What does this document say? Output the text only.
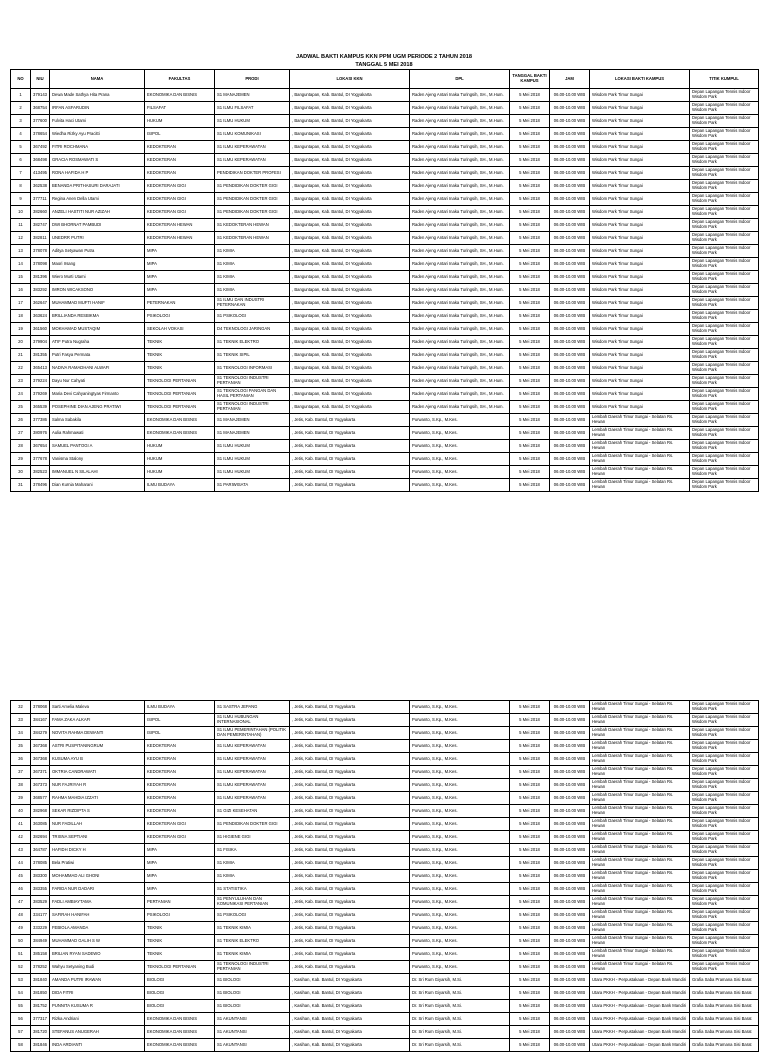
JADWAL BAKTI KAMPUS KKN PPM UGM PERIODE 2 TAHUN 2018
TANGGAL 5 MEI 2018
NO	NIU	NAMA	FAKULTAS	PRODI	LOKASI KKN	DPL	TANGGAL BAKTI KAMPUS	JAM	LOKASI BAKTI KAMPUS	TITIK KUMPUL
1	379143	Dewa Made Sathya Hita Prana	EKONOMIKA DAN BISNIS	S1 MANAJEMEN	, Banguntapan, Kab. Bantul, DI Yogyakarta	Raden Ajeng Antari Inaka Turingsih, SH., M.Hum.	5 Mei 2018	06.00-10.00 WIB	Wisdom Park Timur Sungai	Depan Lapangan Tennis Indoor Wisdom Park
2	368754	IRFAN ASFARUDIN	FILSAFAT	S1 ILMU FILSAFAT	, Banguntapan, Kab. Bantul, DI Yogyakarta	Raden Ajeng Antari Inaka Turingsih, SH., M.Hum.	5 Mei 2018	06.00-10.00 WIB	Wisdom Park Timur Sungai	Depan Lapangan Tennis Indoor Wisdom Park
3	377600	Fulvita Haci Utami	HUKUM	S1 ILMU HUKUM	, Banguntapan, Kab. Bantul, DI Yogyakarta	Raden Ajeng Antari Inaka Turingsih, SH., M.Hum.	5 Mei 2018	06.00-10.00 WIB	Wisdom Park Timur Sungai	Depan Lapangan Tennis Indoor Wisdom Park
4	378654	Wiedha Rizky Ayu Pracitti	ISIPOL	S1 ILMU KOMUNIKASI	, Banguntapan, Kab. Bantul, DI Yogyakarta	Raden Ajeng Antari Inaka Turingsih, SH., M.Hum.	5 Mei 2018	06.00-10.00 WIB	Wisdom Park Timur Sungai	Depan Lapangan Tennis Indoor Wisdom Park
5	367492	FITRI ROCHMANA	KEDOKTERAN	S1 ILMU KEPERAWATAN	, Banguntapan, Kab. Bantul, DI Yogyakarta	Raden Ajeng Antari Inaka Turingsih, SH., M.Hum.	5 Mei 2018	06.00-10.00 WIB	Wisdom Park Timur Sungai	Depan Lapangan Tennis Indoor Wisdom Park
6	368498	GRACIA ROSMAWATI S	KEDOKTERAN	S1 ILMU KEPERAWATAN	, Banguntapan, Kab. Bantul, DI Yogyakarta	Raden Ajeng Antari Inaka Turingsih, SH., M.Hum.	5 Mei 2018	06.00-10.00 WIB	Wisdom Park Timur Sungai	Depan Lapangan Tennis Indoor Wisdom Park
7	413495	RONA HAFIDA H P	KEDOKTERAN	PENDIDIKAN DOKTER PROFESI	, Banguntapan, Kab. Bantul, DI Yogyakarta	Raden Ajeng Antari Inaka Turingsih, SH., M.Hum.	5 Mei 2018	06.00-10.00 WIB	Wisdom Park Timur Sungai	Depan Lapangan Tennis Indoor Wisdom Park
8	362538	BENANDA PRITHASURI DARAJATI	KEDOKTERAN GIGI	S1 PENDIDIKAN DOKTER GIGI	, Banguntapan, Kab. Bantul, DI Yogyakarta	Raden Ajeng Antari Inaka Turingsih, SH., M.Hum.	5 Mei 2018	06.00-10.00 WIB	Wisdom Park Timur Sungai	Depan Lapangan Tennis Indoor Wisdom Park
9	377711	Regina Anen Della Utami	KEDOKTERAN GIGI	S1 PENDIDIKAN DOKTER GIGI	, Banguntapan, Kab. Bantul, DI Yogyakarta	Raden Ajeng Antari Inaka Turingsih, SH., M.Hum.	5 Mei 2018	06.00-10.00 WIB	Wisdom Park Timur Sungai	Depan Lapangan Tennis Indoor Wisdom Park
10	382660	ANZELI HASTITI NUR AZIZAH	KEDOKTERAN GIGI	S1 PENDIDIKAN DOKTER GIGI	, Banguntapan, Kab. Bantul, DI Yogyakarta	Raden Ajeng Antari Inaka Turingsih, SH., M.Hum.	5 Mei 2018	06.00-10.00 WIB	Wisdom Park Timur Sungai	Depan Lapangan Tennis Indoor Wisdom Park
11	382747	DWI BHORNAT PAMBUDI	KEDOKTERAN HEWAN	S1 KEDOKTERAN HEWAN	, Banguntapan, Kab. Bantul, DI Yogyakarta	Raden Ajeng Antari Inaka Turingsih, SH., M.Hum.	5 Mei 2018	06.00-10.00 WIB	Wisdom Park Timur Sungai	Depan Lapangan Tennis Indoor Wisdom Park
12	382811	UNEDRR PUTRI	KEDOKTERAN HEWAN	S1 KEDOKTERAN HEWAN	, Banguntapan, Kab. Bantul, DI Yogyakarta	Raden Ajeng Antari Inaka Turingsih, SH., M.Hum.	5 Mei 2018	06.00-10.00 WIB	Wisdom Park Timur Sungai	Depan Lapangan Tennis Indoor Wisdom Park
13	378078	Aditya Setyawan Putra	MIPA	S1 KIMIA	, Banguntapan, Kab. Bantul, DI Yogyakarta	Raden Ajeng Antari Inaka Turingsih, SH., M.Hum.	5 Mei 2018	06.00-10.00 WIB	Wisdom Park Timur Sungai	Depan Lapangan Tennis Indoor Wisdom Park
14	378098	Maori Irsang	MIPA	S1 KIMIA	, Banguntapan, Kab. Bantul, DI Yogyakarta	Raden Ajeng Antari Inaka Turingsih, SH., M.Hum.	5 Mei 2018	06.00-10.00 WIB	Wisdom Park Timur Sungai	Depan Lapangan Tennis Indoor Wisdom Park
15	381396	Wiero Murti Utami	MIPA	S1 KIMIA	, Banguntapan, Kab. Bantul, DI Yogyakarta	Raden Ajeng Antari Inaka Turingsih, SH., M.Hum.	5 Mei 2018	06.00-10.00 WIB	Wisdom Park Timur Sungai	Depan Lapangan Tennis Indoor Wisdom Park
16	383292	IMRON WICAKSONO	MIPA	S1 KIMIA	, Banguntapan, Kab. Bantul, DI Yogyakarta	Raden Ajeng Antari Inaka Turingsih, SH., M.Hum.	5 Mei 2018	06.00-10.00 WIB	Wisdom Park Timur Sungai	Depan Lapangan Tennis Indoor Wisdom Park
17	362647	MUHAMMAD MUFTI HANIF	PETERNAKAN	S1 ILMU DAN INDUSTRI PETERNAKAN	, Banguntapan, Kab. Bantul, DI Yogyakarta	Raden Ajeng Antari Inaka Turingsih, SH., M.Hum.	5 Mei 2018	06.00-10.00 WIB	Wisdom Park Timur Sungai	Depan Lapangan Tennis Indoor Wisdom Park
18	363624	BRILLIANDA RESBIKMA	PSIKOLOGI	S1 PSIKOLOGI	, Banguntapan, Kab. Bantul, DI Yogyakarta	Raden Ajeng Antari Inaka Turingsih, SH., M.Hum.	5 Mei 2018	06.00-10.00 WIB	Wisdom Park Timur Sungai	Depan Lapangan Tennis Indoor Wisdom Park
19	361560	MOKHAMAD MUSTAQIM	SEKOLAH VOKASI	D4 TEKNOLOGI JARINGAN	, Banguntapan, Kab. Bantul, DI Yogyakarta	Raden Ajeng Antari Inaka Turingsih, SH., M.Hum.	5 Mei 2018	06.00-10.00 WIB	Wisdom Park Timur Sungai	Depan Lapangan Tennis Indoor Wisdom Park
20	379904	ATIF Putra Nugraha	TEKNIK	S1 TEKNIK ELEKTRO	, Banguntapan, Kab. Bantul, DI Yogyakarta	Raden Ajeng Antari Inaka Turingsih, SH., M.Hum.	5 Mei 2018	06.00-10.00 WIB	Wisdom Park Timur Sungai	Depan Lapangan Tennis Indoor Wisdom Park
21	381355	Putri Fasya Permata	TEKNIK	S1 TEKNIK SIPIL	, Banguntapan, Kab. Bantul, DI Yogyakarta	Raden Ajeng Antari Inaka Turingsih, SH., M.Hum.	5 Mei 2018	06.00-10.00 WIB	Wisdom Park Timur Sungai	Depan Lapangan Tennis Indoor Wisdom Park
22	365413	NADIVA RAMADHANI ALWAFI	TEKNIK	S1 TEKNOLOGI INFORMASI	, Banguntapan, Kab. Bantul, DI Yogyakarta	Raden Ajeng Antari Inaka Turingsih, SH., M.Hum.	5 Mei 2018	06.00-10.00 WIB	Wisdom Park Timur Sungai	Depan Lapangan Tennis Indoor Wisdom Park
23	379224	Dayu Nur Cahyati	TEKNOLOGI PERTANIAN	S1 TEKNOLOGI INDUSTRI PERTANIAN	, Banguntapan, Kab. Bantul, DI Yogyakarta	Raden Ajeng Antari Inaka Turingsih, SH., M.Hum.	5 Mei 2018	06.00-10.00 WIB	Wisdom Park Timur Sungai	Depan Lapangan Tennis Indoor Wisdom Park
24	379269	Maria Devi Cahyaningtyas Firmanto	TEKNOLOGI PERTANIAN	S1 TEKNOLOGI PANGAN DAN HASIL PERTANIAN	, Banguntapan, Kab. Bantul, DI Yogyakarta	Raden Ajeng Antari Inaka Turingsih, SH., M.Hum.	5 Mei 2018	06.00-10.00 WIB	Wisdom Park Timur Sungai	Depan Lapangan Tennis Indoor Wisdom Park
25	365539	POSEPHINE DIAN AJENG PRATIWI	TEKNOLOGI PERTANIAN	S1 TEKNOLOGI INDUSTRI PERTANIAN	, Banguntapan, Kab. Bantul, DI Yogyakarta	Raden Ajeng Antari Inaka Turingsih, SH., M.Hum.	5 Mei 2018	06.00-10.00 WIB	Wisdom Park Timur Sungai	Depan Lapangan Tennis Indoor Wisdom Park
26	377386	Salma Sabakila	EKONOMIKA DAN BISNIS	S1 MANAJEMEN	, Jetis, Kab. Bantul, DI Yogyakarta	Purwanto, S.Kp., M.Kes.	5 Mei 2018	06.00-10.00 WIB	Lembah Daerah Timur Sungai - Selatan Rs. Hewan	Depan Lapangan Tennis Indoor Wisdom Park
27	380976	Aulia Rahmawati	EKONOMIKA DAN BISNIS	S1 MANAJEMEN	, Jetis, Kab. Bantul, DI Yogyakarta	Purwanto, S.Kp., M.Kes.	5 Mei 2018	06.00-10.00 WIB	Lembah Daerah Timur Sungai - Selatan Rs. Hewan	Depan Lapangan Tennis Indoor Wisdom Park
28	367654	SAMUEL PANTOGI A	HUKUM	S1 ILMU HUKUM	, Jetis, Kab. Bantul, DI Yogyakarta	Purwanto, S.Kp., M.Kes.	5 Mei 2018	06.00-10.00 WIB	Lembah Daerah Timur Sungai - Selatan Rs. Hewan	Depan Lapangan Tennis Indoor Wisdom Park
29	377678	Vanisma Stalony	HUKUM	S1 ILMU HUKUM	, Jetis, Kab. Bantul, DI Yogyakarta	Purwanto, S.Kp., M.Kes.	5 Mei 2018	06.00-10.00 WIB	Lembah Daerah Timur Sungai - Selatan Rs. Hewan	Depan Lapangan Tennis Indoor Wisdom Park
30	382523	IMMANUEL N SILALAHI	HUKUM	S1 ILMU HUKUM	, Jetis, Kab. Bantul, DI Yogyakarta	Purwanto, S.Kp., M.Kes.	5 Mei 2018	06.00-10.00 WIB	Lembah Daerah Timur Sungai - Selatan Rs. Hewan	Depan Lapangan Tennis Indoor Wisdom Park
31	378496	Dian Kurnia Maharani	ILMU BUDAYA	S1 PARIWISATA	, Jetis, Kab. Bantul, DI Yogyakarta	Purwanto, S.Kp., M.Kes.	5 Mei 2018	06.00-10.00 WIB	Lembah Daerah Timur Sungai - Selatan Rs. Hewan	Depan Lapangan Tennis Indoor Wisdom Park
32	378068	Sarti Amelia Maleva	ILMU BUDAYA	S1 SASTRA JEPANG	, Jetis, Kab. Bantul, DI Yogyakarta	Purwanto, S.Kp., M.Kes.	5 Mei 2018	06.00-10.00 WIB	Lembah Daerah Timur Sungai - Selatan Rs. Hewan	Depan Lapangan Tennis Indoor Wisdom Park
33	384167	FAMA ZAKA ALKAFI	ISIPOL	S1 ILMU HUBUNGAN INTERNASIONAL	, Jetis, Kab. Bantul, DI Yogyakarta	Purwanto, S.Kp., M.Kes.	5 Mei 2018	06.00-10.00 WIB	Lembah Daerah Timur Sungai - Selatan Rs. Hewan	Depan Lapangan Tennis Indoor Wisdom Park
34	384279	NOVITA RAHMA DEWANTI	ISIPOL	S1 ILMU PEMERINTAHAN (POLITIK DAN PEMERINTAHAN)	, Jetis, Kab. Bantul, DI Yogyakarta	Purwanto, S.Kp., M.Kes.	5 Mei 2018	06.00-10.00 WIB	Lembah Daerah Timur Sungai - Selatan Rs. Hewan	Depan Lapangan Tennis Indoor Wisdom Park
35	367368	ASTRI PUSPITANINGRUM	KEDOKTERAN	S1 ILMU KEPERAWATAN	, Jetis, Kab. Bantul, DI Yogyakarta	Purwanto, S.Kp., M.Kes.	5 Mei 2018	06.00-10.00 WIB	Lembah Daerah Timur Sungai - Selatan Rs. Hewan	Depan Lapangan Tennis Indoor Wisdom Park
36	367368	KUSUMA AYU B	KEDOKTERAN	S1 ILMU KEPERAWATAN	, Jetis, Kab. Bantul, DI Yogyakarta	Purwanto, S.Kp., M.Kes.	5 Mei 2018	06.00-10.00 WIB	Lembah Daerah Timur Sungai - Selatan Rs. Hewan	Depan Lapangan Tennis Indoor Wisdom Park
37	367371	OKTRIA CANDRAWATI	KEDOKTERAN	S1 ILMU KEPERAWATAN	, Jetis, Kab. Bantul, DI Yogyakarta	Purwanto, S.Kp., M.Kes.	5 Mei 2018	06.00-10.00 WIB	Lembah Daerah Timur Sungai - Selatan Rs. Hewan	Depan Lapangan Tennis Indoor Wisdom Park
38	367373	NUR FAJRIYAH R	KEDOKTERAN	S1 ILMU KEPERAWATAN	, Jetis, Kab. Bantul, DI Yogyakarta	Purwanto, S.Kp., M.Kes.	5 Mei 2018	06.00-10.00 WIB	Lembah Daerah Timur Sungai - Selatan Rs. Hewan	Depan Lapangan Tennis Indoor Wisdom Park
39	368577	RAHMA MAHDIA IZZATI	KEDOKTERAN	S1 ILMU KEPERAWATAN	, Jetis, Kab. Bantul, DI Yogyakarta	Purwanto, S.Kp., M.Kes.	5 Mei 2018	06.00-10.00 WIB	Lembah Daerah Timur Sungai - Selatan Rs. Hewan	Depan Lapangan Tennis Indoor Wisdom Park
40	382968	SEKAR RIZDIPTA S	KEDOKTERAN	S1 GIZI KESEHATAN	, Jetis, Kab. Bantul, DI Yogyakarta	Purwanto, S.Kp., M.Kes.	5 Mei 2018	06.00-10.00 WIB	Lembah Daerah Timur Sungai - Selatan Rs. Hewan	Depan Lapangan Tennis Indoor Wisdom Park
41	363085	NUR FADILLAH	KEDOKTERAN GIGI	S1 PENDIDIKAN DOKTER GIGI	, Jetis, Kab. Bantul, DI Yogyakarta	Purwanto, S.Kp., M.Kes.	5 Mei 2018	06.00-10.00 WIB	Lembah Daerah Timur Sungai - Selatan Rs. Hewan	Depan Lapangan Tennis Indoor Wisdom Park
42	382694	TRISNA SEPTIANI	KEDOKTERAN GIGI	S1 HIGIENE GIGI	, Jetis, Kab. Bantul, DI Yogyakarta	Purwanto, S.Kp., M.Kes.	5 Mei 2018	06.00-10.00 WIB	Lembah Daerah Timur Sungai - Selatan Rs. Hewan	Depan Lapangan Tennis Indoor Wisdom Park
43	364787	HAFIDH DICKY H	MIPA	S1 FISIKA	, Jetis, Kab. Bantul, DI Yogyakarta	Purwanto, S.Kp., M.Kes.	5 Mei 2018	06.00-10.00 WIB	Lembah Daerah Timur Sungai - Selatan Rs. Hewan	Depan Lapangan Tennis Indoor Wisdom Park
44	378085	Bela Pratiwi	MIPA	S1 KIMIA	, Jetis, Kab. Bantul, DI Yogyakarta	Purwanto, S.Kp., M.Kes.	5 Mei 2018	06.00-10.00 WIB	Lembah Daerah Timur Sungai - Selatan Rs. Hewan	Depan Lapangan Tennis Indoor Wisdom Park
45	383300	MOHAMMAD ALI GHONI	MIPA	S1 KIMIA	, Jetis, Kab. Bantul, DI Yogyakarta	Purwanto, S.Kp., M.Kes.	5 Mei 2018	06.00-10.00 WIB	Lembah Daerah Timur Sungai - Selatan Rs. Hewan	Depan Lapangan Tennis Indoor Wisdom Park
46	383355	FARIDA NUR DADARI	MIPA	S1 STATISTIKA	, Jetis, Kab. Bantul, DI Yogyakarta	Purwanto, S.Kp., M.Kes.	5 Mei 2018	06.00-10.00 WIB	Lembah Daerah Timur Sungai - Selatan Rs. Hewan	Depan Lapangan Tennis Indoor Wisdom Park
47	383529	FADLI AMBIAYTAMA	PERTANIAN	S1 PENYULUHAN DAN KOMUNIKASI PERTANIAN	, Jetis, Kab. Bantul, DI Yogyakarta	Purwanto, S.Kp., M.Kes.	5 Mei 2018	06.00-10.00 WIB	Lembah Daerah Timur Sungai - Selatan Rs. Hewan	Depan Lapangan Tennis Indoor Wisdom Park
48	334177	SAFIRAH HANIFAH	PSIKOLOGI	S1 PSIKOLOGI	, Jetis, Kab. Bantul, DI Yogyakarta	Purwanto, S.Kp., M.Kes.	5 Mei 2018	06.00-10.00 WIB	Lembah Daerah Timur Sungai - Selatan Rs. Hewan	Depan Lapangan Tennis Indoor Wisdom Park
49	333229	FEBIOLA AMANDA	TEKNIK	S1 TEKNIK KIMIA	, Jetis, Kab. Bantul, DI Yogyakarta	Purwanto, S.Kp., M.Kes.	5 Mei 2018	06.00-10.00 WIB	Lembah Daerah Timur Sungai - Selatan Rs. Hewan	Depan Lapangan Tennis Indoor Wisdom Park
50	384949	MUHAMMAD GALIH S W	TEKNIK	S1 TEKNIK ELEKTRO	, Jetis, Kab. Bantul, DI Yogyakarta	Purwanto, S.Kp., M.Kes.	5 Mei 2018	06.00-10.00 WIB	Lembah Daerah Timur Sungai - Selatan Rs. Hewan	Depan Lapangan Tennis Indoor Wisdom Park
51	385158	BRILIAN RYAN SADEWO	TEKNIK	S1 TEKNIK KIMIA	, Jetis, Kab. Bantul, DI Yogyakarta	Purwanto, S.Kp., M.Kes.	5 Mei 2018	06.00-10.00 WIB	Lembah Daerah Timur Sungai - Selatan Rs. Hewan	Depan Lapangan Tennis Indoor Wisdom Park
52	378252	Wahyu Setyaning Budi	TEKNOLOGI PERTANIAN	S1 TEKNOLOGI INDUSTRI PERTANIAN	, Jetis, Kab. Bantul, DI Yogyakarta	Purwanto, S.Kp., M.Kes.	5 Mei 2018	06.00-10.00 WIB	Lembah Daerah Timur Sungai - Selatan Rs. Hewan	Depan Lapangan Tennis Indoor Wisdom Park
53	381840	AMANDA PUTRI IRAWAN	BIOLOGI	S1 BIOLOGI	, Kasihan, Kab. Bantul, DI Yogyakarta	Dr. Sri Rum Giyarsih, M.Si.	5 Mei 2018	06.00-10.00 WIB	Utara PKKH - Perpustakaan - Depan Bank Mandiri	Grafia Saba Pramana Sisi Barat
54	381850	DIDA FITRI	BIOLOGI	S1 BIOLOGI	, Kasihan, Kab. Bantul, DI Yogyakarta	Dr. Sri Rum Giyarsih, M.Si.	5 Mei 2018	06.00-10.00 WIB	Utara PKKH - Perpustakaan - Depan Bank Mandiri	Grafia Saba Pramana Sisi Barat
55	381752	PUNNITA KUSUMA R	BIOLOGI	S1 BIOLOGI	, Kasihan, Kab. Bantul, DI Yogyakarta	Dr. Sri Rum Giyarsih, M.Si.	5 Mei 2018	06.00-10.00 WIB	Utara PKKH - Perpustakaan - Depan Bank Mandiri	Grafia Saba Pramana Sisi Barat
56	377317	Rizka Andriani	EKONOMIKA DAN BISNIS	S1 AKUNTANSI	, Kasihan, Kab. Bantul, DI Yogyakarta	Dr. Sri Rum Giyarsih, M.Si.	5 Mei 2018	06.00-10.00 WIB	Utara PKKH - Perpustakaan - Depan Bank Mandiri	Grafia Saba Pramana Sisi Barat
57	381720	STEFANUS ANUGERAH	EKONOMIKA DAN BISNIS	S1 AKUNTANSI	, Kasihan, Kab. Bantul, DI Yogyakarta	Dr. Sri Rum Giyarsih, M.Si.	5 Mei 2018	06.00-10.00 WIB	Utara PKKH - Perpustakaan - Depan Bank Mandiri	Grafia Saba Pramana Sisi Barat
58	381846	INDA ARDIANTI	EKONOMIKA DAN BISNIS	S1 AKUNTANSI	, Kasihan, Kab. Bantul, DI Yogyakarta	Dr. Sri Rum Giyarsih, M.Si.	5 Mei 2018	06.00-10.00 WIB	Utara PKKH - Perpustakaan - Depan Bank Mandiri	Grafia Saba Pramana Sisi Barat
